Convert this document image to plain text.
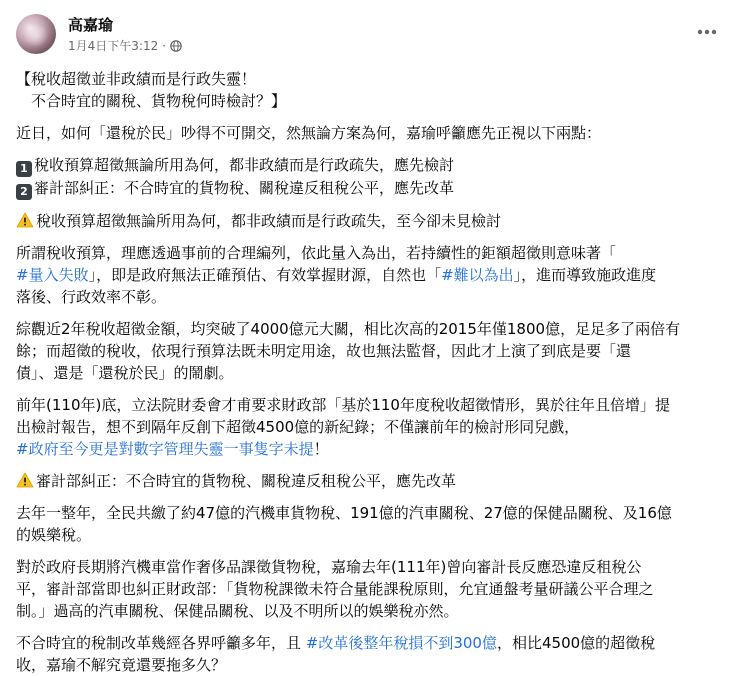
高嘉瑜
1月4日下午3:12 ·

【稅收超徵並非政績而是行政失靈！

　不合時宜的關稅、貨物稅何時檢討？】

近日，如何「還稅於民」吵得不可開交，然無論方案為何，嘉瑜呼籲應先正視以下兩點：

1 稅收預算超徵無論所用為何，都非政績而是行政疏失，應先檢討

2 審計部糾正：不合時宜的貨物稅、關稅違反租稅公平，應先改革

稅收預算超徵無論所用為何，都非政績而是行政疏失，至今卻未見檢討

所謂稅收預算，理應透過事前的合理編列，依此量入為出，若持續性的鉅額超徵則意味著「
#量入失敗」，即是政府無法正確預估、有效掌握財源，自然也「#難以為出」，進而導致施政進度
落後、行政效率不彰。

綜觀近2年稅收超徵金額，均突破了4000億元大關，相比次高的2015年僅1800億，足足多了兩倍有
餘；而超徵的稅收，依現行預算法既未明定用途，故也無法監督，因此才上演了到底是要「還
債」、還是「還稅於民」的鬧劇。

前年(110年)底，立法院財委會才甫要求財政部「基於110年度稅收超徵情形，異於往年且倍增」提
出檢討報告，想不到隔年反創下超徵4500億的新紀錄；不僅讓前年的檢討形同兒戲，
#政府至今更是對數字管理失靈一事隻字未提！

審計部糾正：不合時宜的貨物稅、關稅違反租稅公平，應先改革

去年一整年，全民共繳了約47億的汽機車貨物稅、191億的汽車關稅、27億的保健品關稅、及16億
的娛樂稅。

對於政府長期將汽機車當作奢侈品課徵貨物稅，嘉瑜去年(111年)曾向審計長反應恐違反租稅公
平，審計部當即也糾正財政部：「貨物稅課徵未符合量能課稅原則，允宜通盤考量研議公平合理之
制。」過高的汽車關稅、保健品關稅、以及不明所以的娛樂稅亦然。

不合時宜的稅制改革幾經各界呼籲多年，且 #改革後整年稅損不到300億，相比4500億的超徵稅
收，嘉瑜不解究竟還要拖多久？
